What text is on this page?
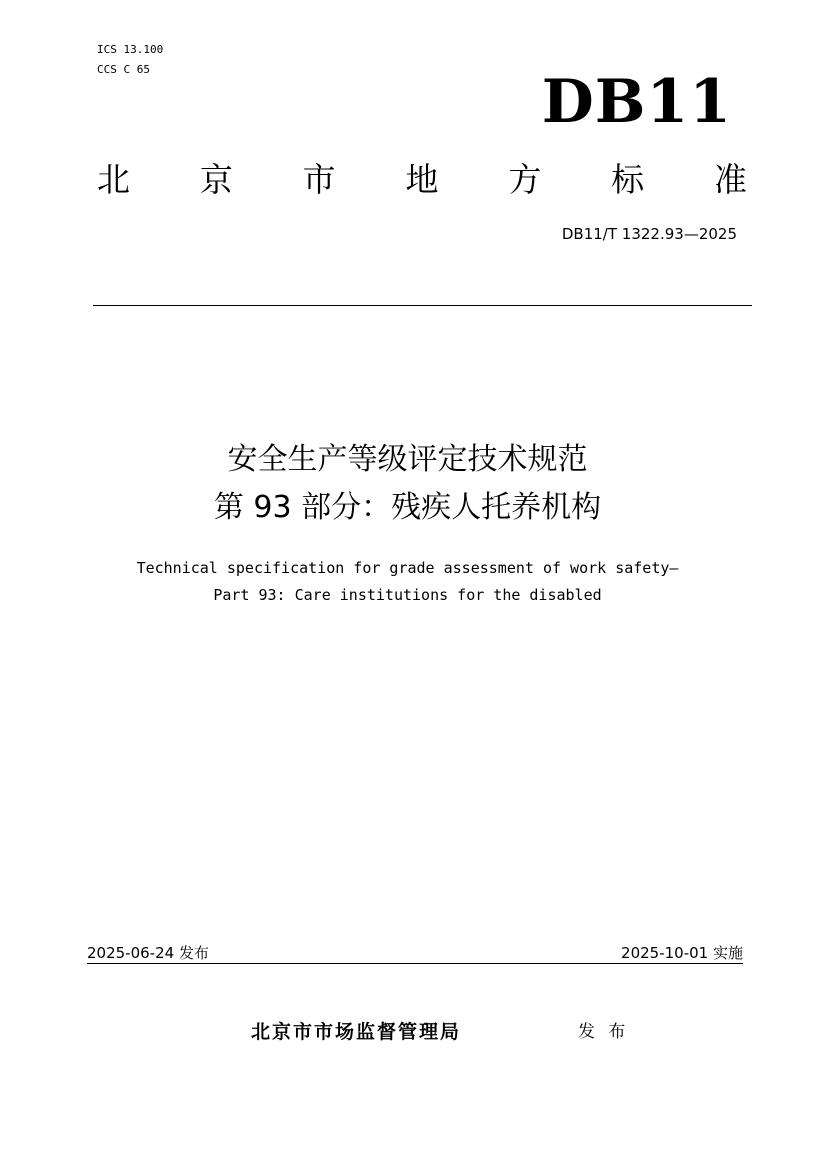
ICS 13.100
CCS C 65	DB11
北 京 市 地 方 标 准
DB11/T 1322.93—2025
安全生产等级评定技术规范
第 93 部分：残疾人托养机构
Technical specification for grade assessment of work safety—
Part 93: Care institutions for the disabled
2025-06-24 发布	2025-10-01 实施
北京市市场监督管理局	发 布
